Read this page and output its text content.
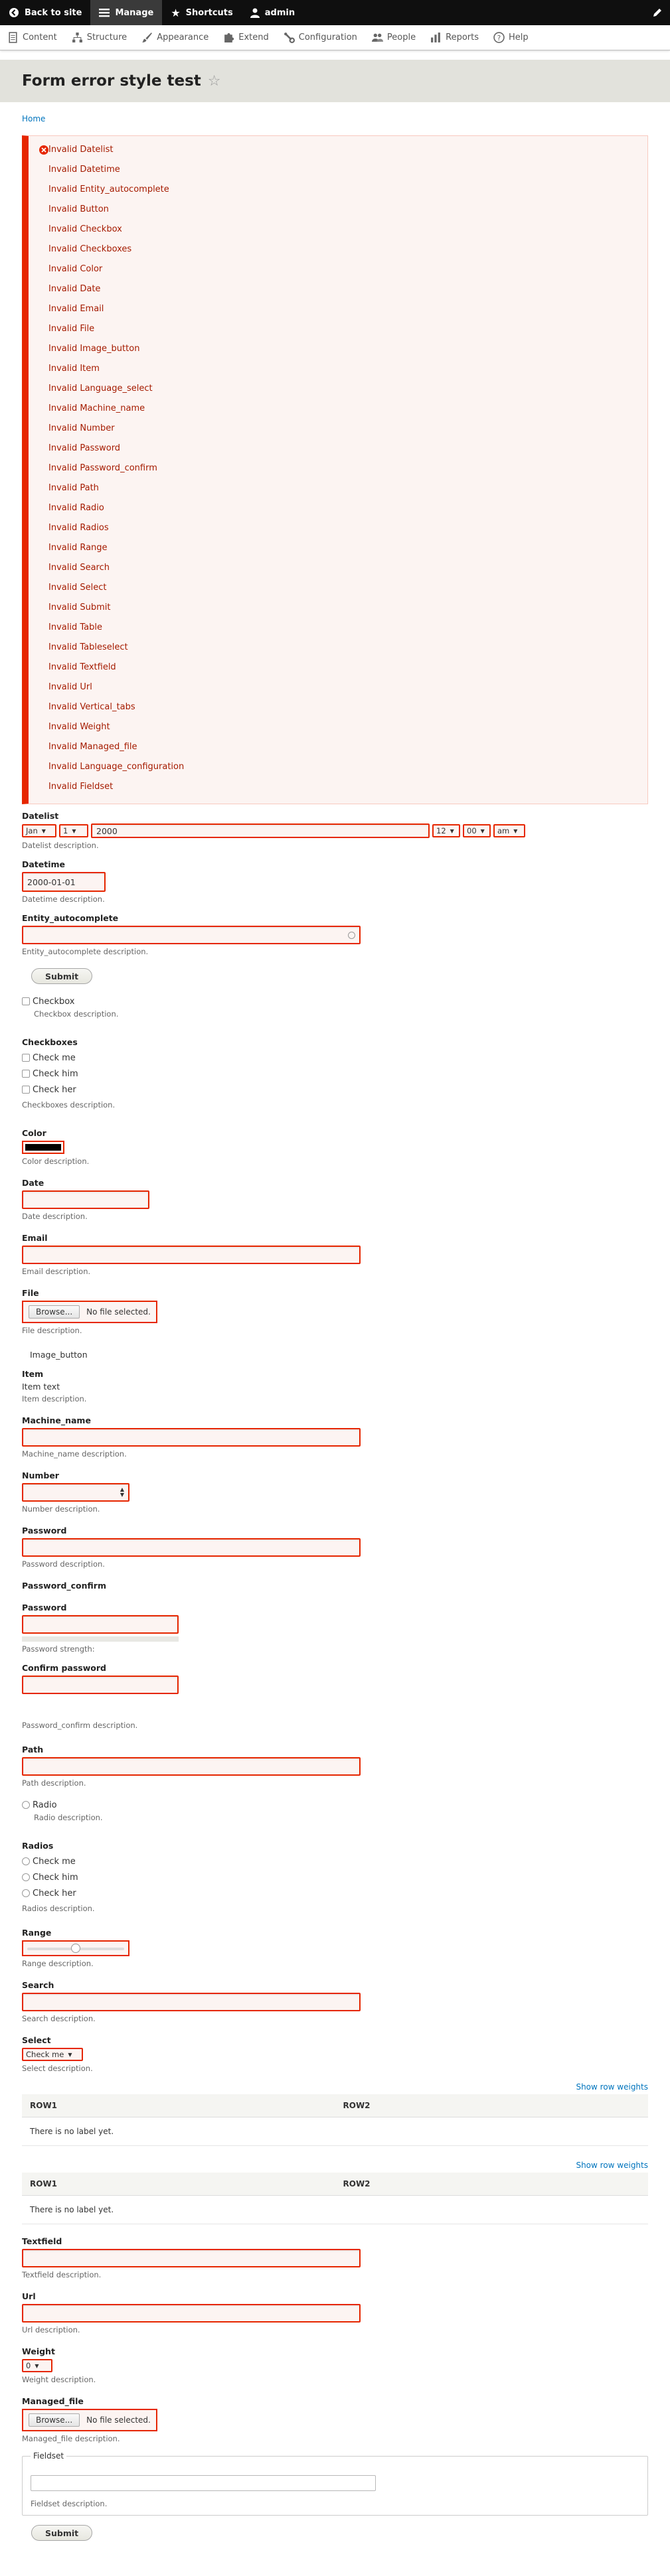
Back to site	Manage ★ Shortcuts	admin
Content	Structure	Appearance	Extend	Configuration	People	Reports	? Help
Form error style test ☆
Home
Invalid Datelist
Invalid Datetime
Invalid Entity_autocomplete
Invalid Button
Invalid Checkbox
Invalid Checkboxes
Invalid Color
Invalid Date
Invalid Email
Invalid File
Invalid Image_button
Invalid Item
Invalid Language_select
Invalid Machine_name
Invalid Number
Invalid Password
Invalid Password_confirm
Invalid Path
Invalid Radio
Invalid Radios
Invalid Range
Invalid Search
Invalid Select
Invalid Submit
Invalid Table
Invalid Tableselect
Invalid Textfield
Invalid Url
Invalid Vertical_tabs
Invalid Weight
Invalid Managed_file
Invalid Language_configuration
Invalid Fieldset
Datelist
Jan ▼ 1 ▼	2000	12 ▼ 00 ▼ am ▼
Datelist description.
Datetime
2000-01-01
Datetime description.
Entity_autocomplete
Entity_autocomplete description.
Submit
Checkbox
Checkbox description.
Checkboxes
Check me
Check him
Check her
Checkboxes description.
Color
Color description.
Date
Date description.
Email
Email description.
File
Browse...	No file selected.
File description.
Image_button
Item
Item text
Item description.
Machine_name
Machine_name description.
Number
▲
▼
Number description.
Password
Password description.
Password_confirm
Password
Password strength:
Confirm password
Password_confirm description.
Path
Path description.
Radio
Radio description.
Radios
Check me
Check him
Check her
Radios description.
Range
Range description.
Search
Search description.
Select
Check me ▼
Select description.
Show row weights
ROW1	ROW2
There is no label yet.
Show row weights
ROW1	ROW2
There is no label yet.
Textfield
Textfield description.
Url
Url description.
Weight
0 ▼
Weight description.
Managed_file
Browse...	No file selected.
Managed_file description.
Fieldset
Fieldset description.
Submit
